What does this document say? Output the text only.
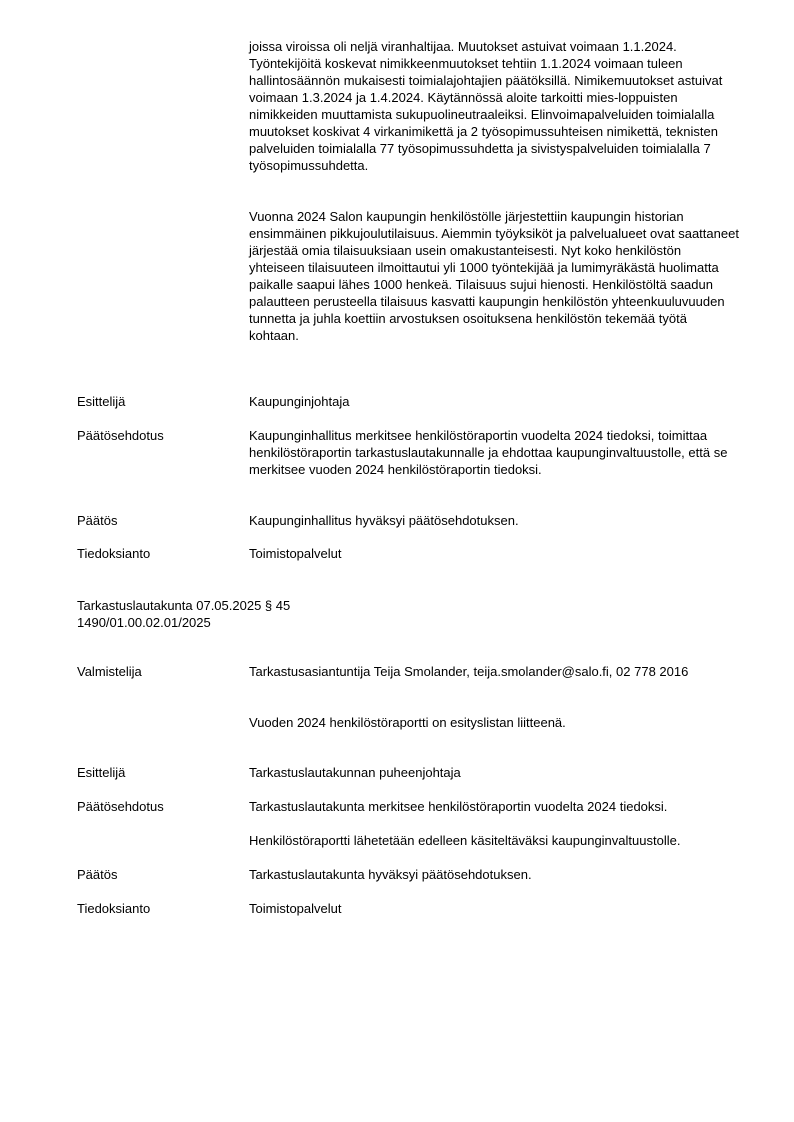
joissa viroissa oli neljä viranhaltijaa. Muutokset astuivat voimaan 1.1.2024. Työntekijöitä koskevat nimikkeenmuutokset tehtiin 1.1.2024 voimaan tuleen hallintosäännön mukaisesti toimialajohtajien päätöksillä. Nimikemuutokset astuivat voimaan 1.3.2024 ja 1.4.2024. Käytännössä aloite tarkoitti mies-loppuisten nimikkeiden muuttamista sukupuolineutraaleiksi. Elinvoimapalveluiden toimialalla muutokset koskivat 4 virkanimikettä ja 2 työsopimussuhteisen nimikettä, teknisten palveluiden toimialalla 77 työsopimussuhdetta ja sivistyspalveluiden toimialalla 7 työsopimussuhdetta.

Vuonna 2024 Salon kaupungin henkilöstölle järjestettiin kaupungin historian ensimmäinen pikkujoulutilaisuus. Aiemmin työyksiköt ja palvelualueet ovat saattaneet järjestää omia tilaisuuksiaan usein omakustanteisesti. Nyt koko henkilöstön yhteiseen tilaisuuteen ilmoittautui yli 1000 työntekijää ja lumimyräkästä huolimatta paikalle saapui lähes 1000 henkeä. Tilaisuus sujui hienosti. Henkilöstöltä saadun palautteen perusteella tilaisuus kasvatti kaupungin henkilöstön yhteenkuuluvuuden tunnetta ja juhla koettiin arvostuksen osoituksena henkilöstön tekemää työtä kohtaan.

Esittelijä	Kaupunginjohtaja
Päätösehdotus	Kaupunginhallitus merkitsee henkilöstöraportin vuodelta 2024 tiedoksi, toimittaa henkilöstöraportin tarkastuslautakunnalle ja ehdottaa kaupunginvaltuustolle, että se merkitsee vuoden 2024 henkilöstöraportin tiedoksi.
Päätös	Kaupunginhallitus hyväksyi päätösehdotuksen.
Tiedoksianto	Toimistopalvelut
Tarkastuslautakunta 07.05.2025 § 45
1490/01.00.02.01/2025
Valmistelija	Tarkastusasiantuntija Teija Smolander, teija.smolander@salo.fi, 02 778 2016
Vuoden 2024 henkilöstöraportti on esityslistan liitteenä.
Esittelijä	Tarkastuslautakunnan puheenjohtaja
Päätösehdotus	Tarkastuslautakunta merkitsee henkilöstöraportin vuodelta 2024 tiedoksi.
Henkilöstöraportti lähetetään edelleen käsiteltäväksi kaupunginvaltuustolle.
Päätös	Tarkastuslautakunta hyväksyi päätösehdotuksen.
Tiedoksianto	Toimistopalvelut
